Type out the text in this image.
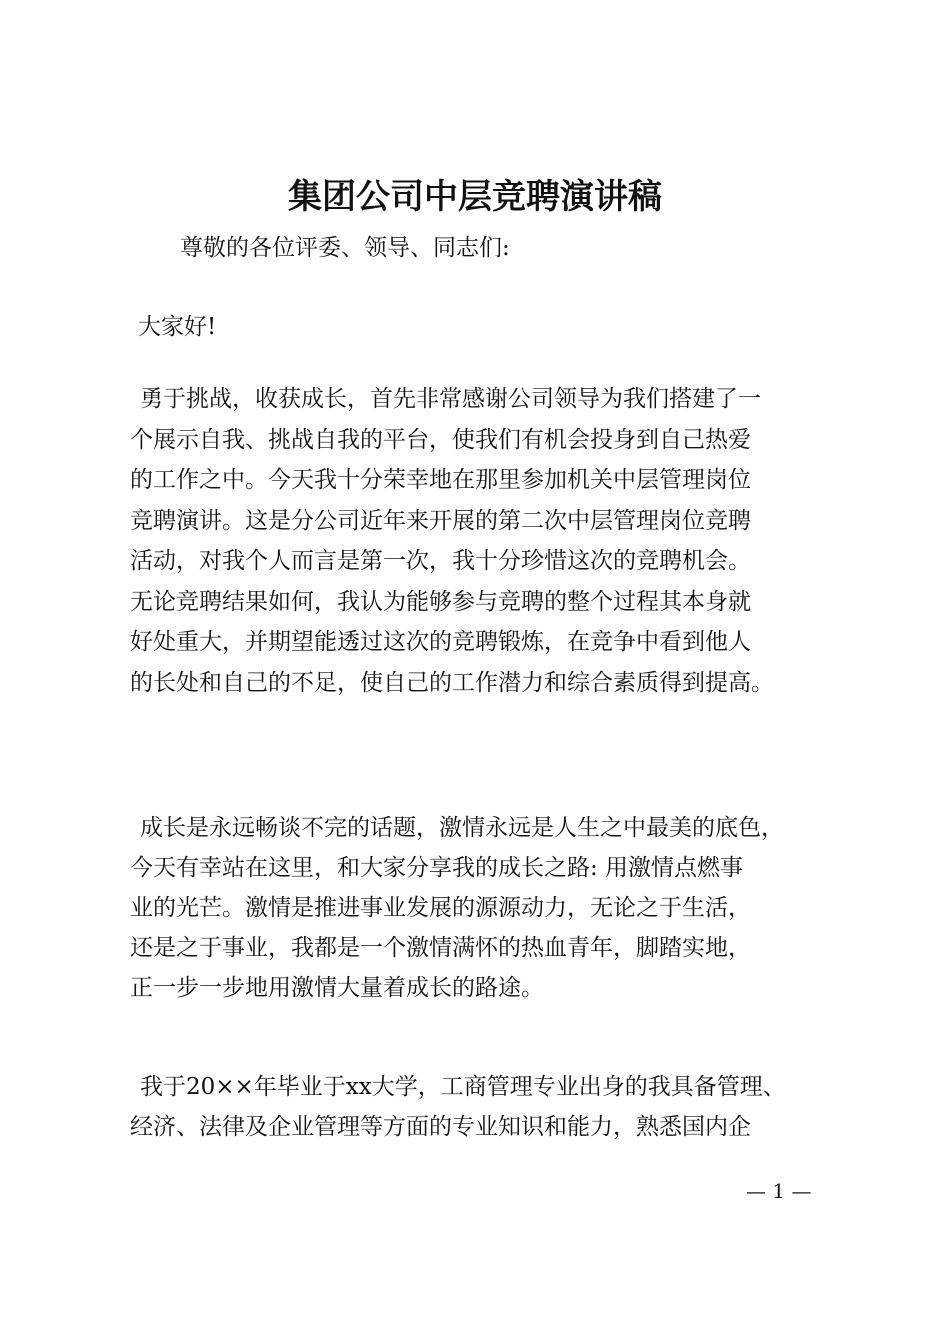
集团公司中层竞聘演讲稿
尊敬的各位评委、领导、同志们:
大家好!
勇于挑战，收获成长，首先非常感谢公司领导为我们搭建了一
个展示自我、挑战自我的平台，使我们有机会投身到自己热爱
的工作之中。今天我十分荣幸地在那里参加机关中层管理岗位
竞聘演讲。这是分公司近年来开展的第二次中层管理岗位竞聘
活动，对我个人而言是第一次，我十分珍惜这次的竞聘机会。
无论竞聘结果如何，我认为能够参与竞聘的整个过程其本身就
好处重大，并期望能透过这次的竞聘锻炼，在竞争中看到他人
的长处和自己的不足，使自己的工作潜力和综合素质得到提高。
成长是永远畅谈不完的话题，激情永远是人生之中最美的底色，
今天有幸站在这里，和大家分享我的成长之路: 用激情点燃事
业的光芒。激情是推进事业发展的源源动力，无论之于生活，
还是之于事业，我都是一个激情满怀的热血青年，脚踏实地，
正一步一步地用激情大量着成长的路途。
我于20××年毕业于xx大学，工商管理专业出身的我具备管理、
经济、法律及企业管理等方面的专业知识和能力，熟悉国内企
— 1 —
